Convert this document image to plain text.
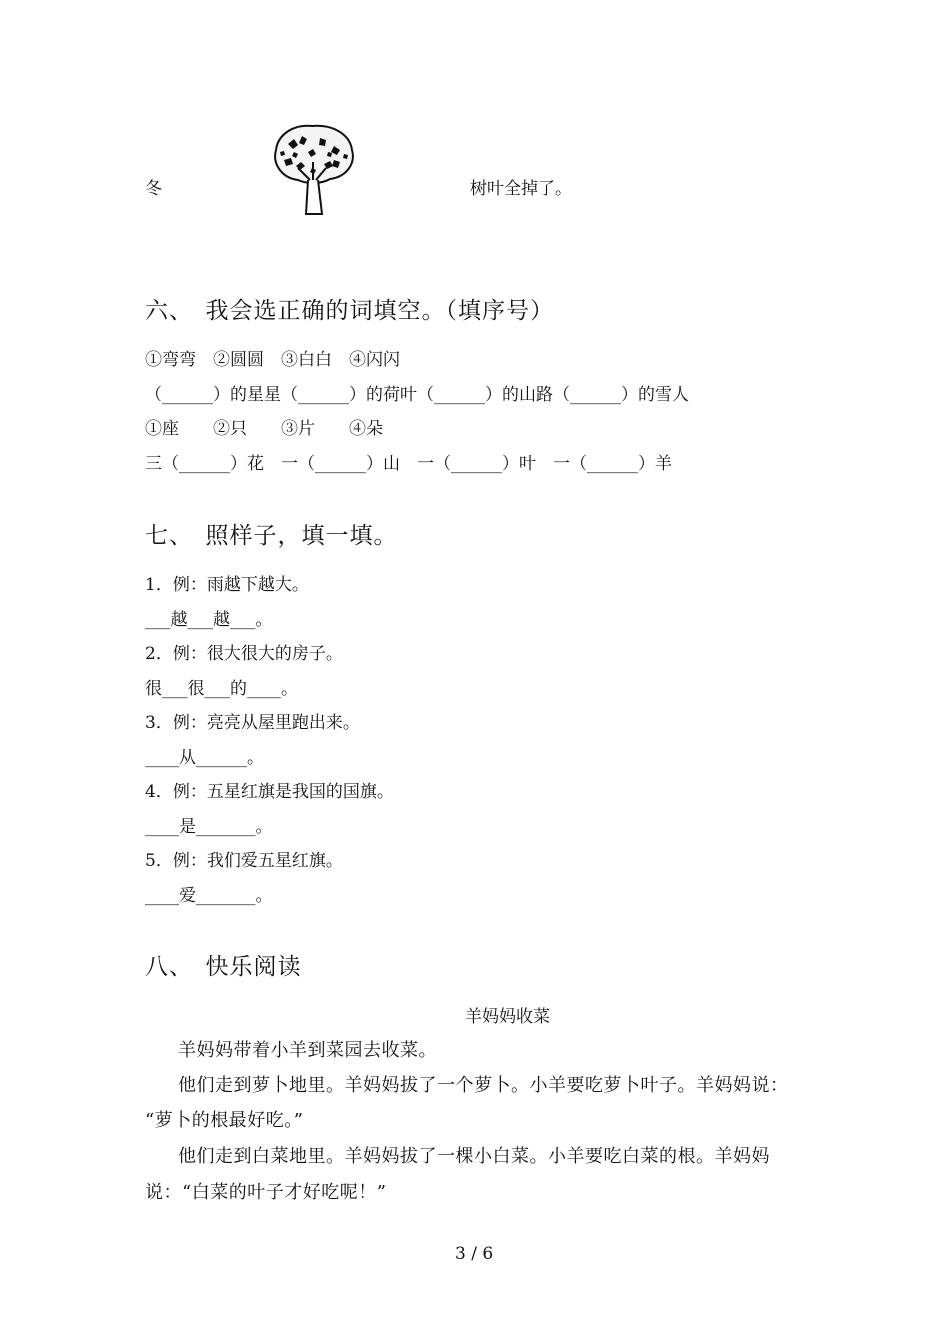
冬	树叶全掉了。
六、　我会选正确的词填空。（填序号）
①弯弯　②圆圆　③白白　④闪闪
（______）的星星（______）的荷叶（______）的山路（______）的雪人
①座　　②只　　③片　　④朵
三（______）花　一（______）山　一（______）叶　一（______）羊
七、　照样子，填一填。
1．例：雨越下越大。
___越___越___。
2．例：很大很大的房子。
很___很___的____。
3．例：亮亮从屋里跑出来。
____从______。
4．例：五星红旗是我国的国旗。
____是_______。
5．例：我们爱五星红旗。
____爱_______。
八、　快乐阅读
羊妈妈收菜
羊妈妈带着小羊到菜园去收菜。
他们走到萝卜地里。羊妈妈拔了一个萝卜。小羊要吃萝卜叶子。羊妈妈说：
“萝卜的根最好吃。”
他们走到白菜地里。羊妈妈拔了一棵小白菜。小羊要吃白菜的根。羊妈妈
说：“白菜的叶子才好吃呢！”
3 / 6
